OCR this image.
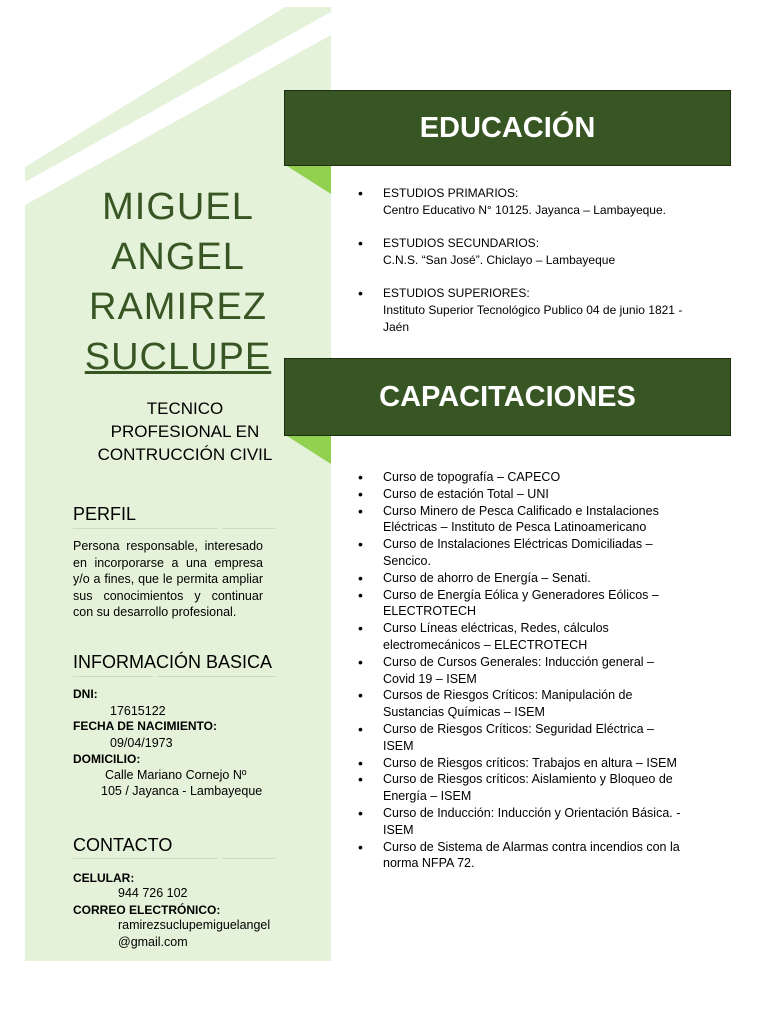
MIGUEL
ANGEL
RAMIREZ
SUCLUPE
TECNICO
PROFESIONAL EN
CONTRUCCIÓN CIVIL
PERFIL
Persona responsable, interesado en incorporarse a una empresa y/o a fines, que le permita ampliar sus conocimientos y continuar con su desarrollo profesional.
INFORMACIÓN BASICA
DNI:
17615122
FECHA DE NACIMIENTO:
09/04/1973
DOMICILIO:
Calle Mariano Cornejo Nº
105 / Jayanca - Lambayeque
CONTACTO
CELULAR:
944 726 102
CORREO ELECTRÓNICO:
ramirezsuclupemiguelangel
@gmail.com
EDUCACIÓN
• ESTUDIOS PRIMARIOS:
Centro Educativo N° 10125. Jayanca – Lambayeque.
• ESTUDIOS SECUNDARIOS:
C.N.S. “San José”. Chiclayo – Lambayeque
• ESTUDIOS SUPERIORES:
Instituto Superior Tecnológico Publico 04 de junio 1821 - Jaén
CAPACITACIONES
• Curso de topografía – CAPECO
• Curso de estación Total – UNI
• Curso Minero de Pesca Calificado e Instalaciones Eléctricas – Instituto de Pesca Latinoamericano
• Curso de Instalaciones Eléctricas Domiciliadas – Sencico.
• Curso de ahorro de Energía – Senati.
• Curso de Energía Eólica y Generadores Eólicos – ELECTROTECH
• Curso Líneas eléctricas, Redes, cálculos electromecánicos – ELECTROTECH
• Curso de Cursos Generales: Inducción general – Covid 19 – ISEM
• Cursos de Riesgos Críticos: Manipulación de Sustancias Químicas – ISEM
• Curso de Riesgos Críticos: Seguridad Eléctrica – ISEM
• Curso de Riesgos críticos: Trabajos en altura – ISEM
• Curso de Riesgos críticos: Aislamiento y Bloqueo de Energía – ISEM
• Curso de Inducción: Inducción y Orientación Básica. - ISEM
• Curso de Sistema de Alarmas contra incendios con la norma NFPA 72.
